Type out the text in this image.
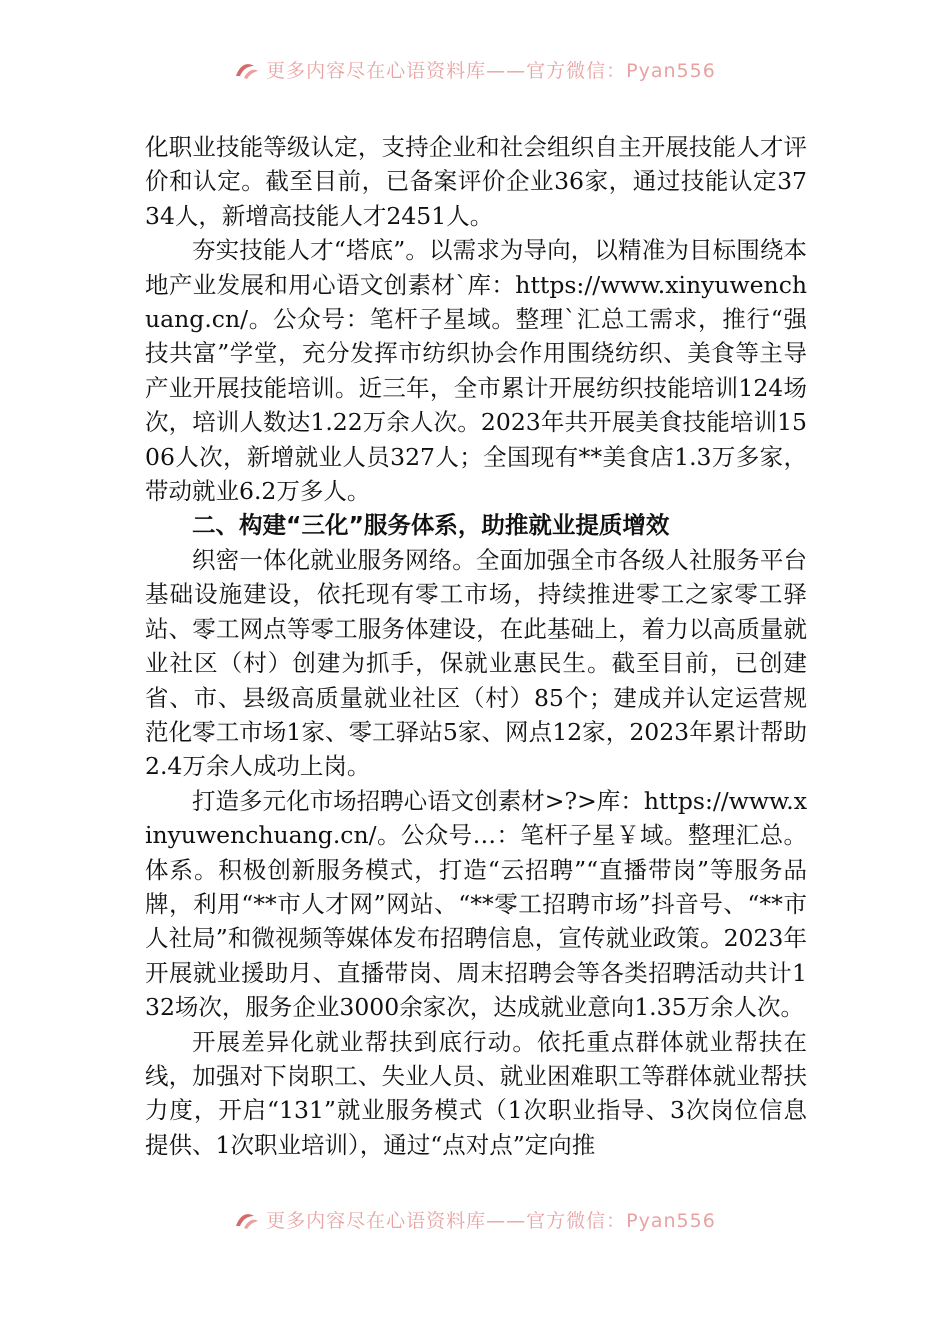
更多内容尽在心语资料库——官方微信：Pyan556

化职业技能等级认定，支持企业和社会组织自主开展技能人才评价和认定。截至目前，已备案评价企业36家，通过技能认定3734人，新增高技能人才2451人。

夯实技能人才“塔底”。以需求为导向，以精准为目标围绕本地产业发展和用心语文创素材`库：https://www.xinyuwenchuang.cn/。公众号：笔杆子星域。整理`汇总工需求，推行“强技共富”学堂，充分发挥市纺织协会作用围绕纺织、美食等主导产业开展技能培训。近三年，全市累计开展纺织技能培训124场次，培训人数达1.22万余人次。2023年共开展美食技能培训1506人次，新增就业人员327人；全国现有**美食店1.3万多家，带动就业6.2万多人。

二、构建“三化”服务体系，助推就业提质增效

织密一体化就业服务网络。全面加强全市各级人社服务平台基础设施建设，依托现有零工市场，持续推进零工之家零工驿站、零工网点等零工服务体建设，在此基础上，着力以高质量就业社区（村）创建为抓手，保就业惠民生。截至目前，已创建省、市、县级高质量就业社区（村）85个；建成并认定运营规范化零工市场1家、零工驿站5家、网点12家，2023年累计帮助2.4万余人成功上岗。

打造多元化市场招聘心语文创素材>?>库：https://www.xinyuwenchuang.cn/。公众号…：笔杆子星￥域。整理汇总。体系。积极创新服务模式，打造“云招聘”“直播带岗”等服务品牌，利用“**市人才网”网站、“**零工招聘市场”抖音号、“**市人社局”和微视频等媒体发布招聘信息，宣传就业政策。2023年开展就业援助月、直播带岗、周末招聘会等各类招聘活动共计132场次，服务企业3000余家次，达成就业意向1.35万余人次。

开展差异化就业帮扶到底行动。依托重点群体就业帮扶在线，加强对下岗职工、失业人员、就业困难职工等群体就业帮扶力度，开启“131”就业服务模式（1次职业指导、3次岗位信息提供、1次职业培训），通过“点对点”定向推

更多内容尽在心语资料库——官方微信：Pyan556
